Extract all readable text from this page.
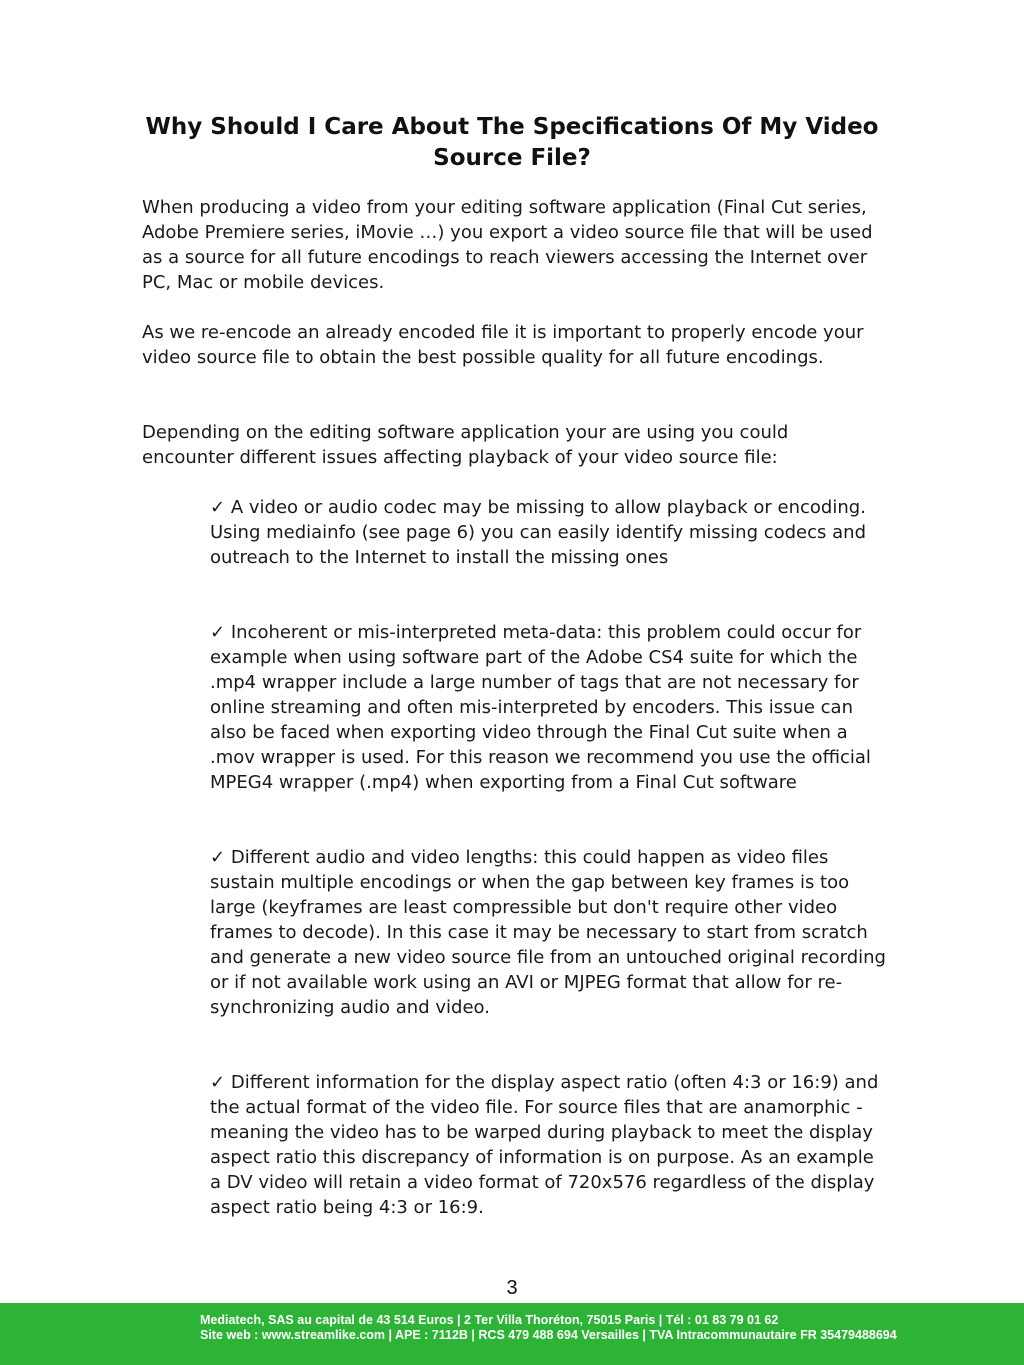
Why Should I Care About The Specifications Of My Video Source File?

When producing a video from your editing software application (Final Cut series, Adobe Premiere series, iMovie …) you export a video source file that will be used as a source for all future encodings to reach viewers accessing the Internet over PC, Mac or mobile devices.

As we re-encode an already encoded file it is important to properly encode your video source file to obtain the best possible quality for all future encodings.

Depending on the editing software application your are using you could encounter different issues affecting playback of your video source file:

✓ A video or audio codec may be missing to allow playback or encoding. Using mediainfo (see page 6) you can easily identify missing codecs and outreach to the Internet to install the missing ones

✓ Incoherent or mis-interpreted meta-data: this problem could occur for example when using software part of the Adobe CS4 suite for which the .mp4 wrapper include a large number of tags that are not necessary for online streaming and often mis-interpreted by encoders. This issue can also be faced when exporting video through the Final Cut suite when a .mov wrapper is used. For this reason we recommend you use the official MPEG4 wrapper (.mp4) when exporting from a Final Cut software

✓ Different audio and video lengths: this could happen as video files sustain multiple encodings or when the gap between key frames is too large (keyframes are least compressible but don't require other video frames to decode). In this case it may be necessary to start from scratch and generate a new video source file from an untouched original recording or if not available work using an AVI or MJPEG format that allow for re-synchronizing audio and video.

✓ Different information for the display aspect ratio (often 4:3 or 16:9) and the actual format of the video file. For source files that are anamorphic - meaning the video has to be warped during playback to meet the display aspect ratio this discrepancy of information is on purpose. As an example a DV video will retain a video format of 720x576 regardless of the display aspect ratio being 4:3 or 16:9.

3

Mediatech, SAS au capital de 43 514 Euros | 2 Ter Villa Thoréton, 75015 Paris | Tél : 01 83 79 01 62

Site web : www.streamlike.com | APE : 7112B | RCS 479 488 694 Versailles | TVA Intracommunautaire FR 35479488694
